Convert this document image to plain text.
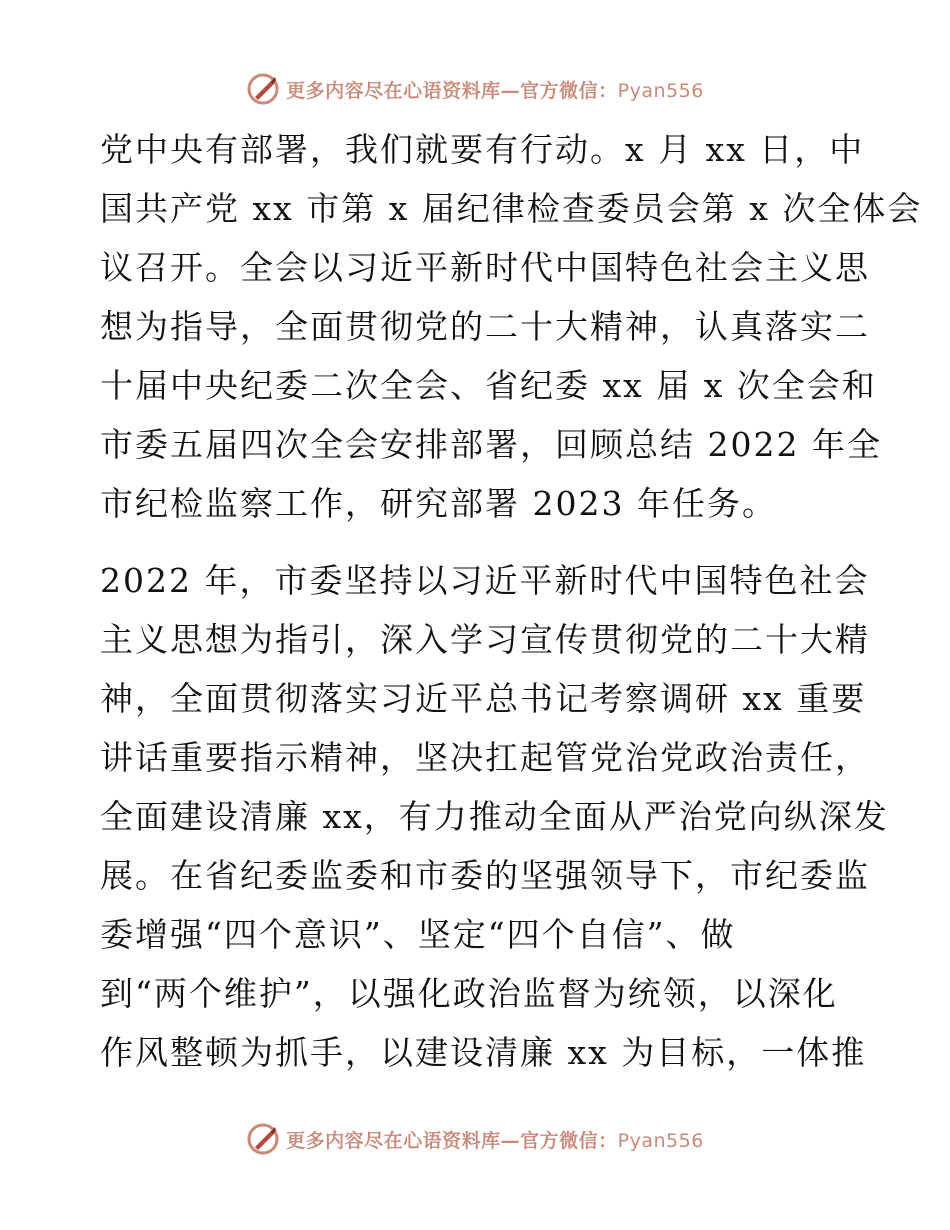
更多内容尽在心语资料库—官方微信：Pyan556

党中央有部署，我们就要有行动。x 月 xx 日，中
国共产党 xx 市第 x 届纪律检查委员会第 x 次全体会
议召开。全会以习近平新时代中国特色社会主义思
想为指导，全面贯彻党的二十大精神，认真落实二
十届中央纪委二次全会、省纪委 xx 届 x 次全会和
市委五届四次全会安排部署，回顾总结 2022 年全
市纪检监察工作，研究部署 2023 年任务。

2022 年，市委坚持以习近平新时代中国特色社会
主义思想为指引，深入学习宣传贯彻党的二十大精
神，全面贯彻落实习近平总书记考察调研 xx 重要
讲话重要指示精神，坚决扛起管党治党政治责任，
全面建设清廉 xx，有力推动全面从严治党向纵深发
展。在省纪委监委和市委的坚强领导下，市纪委监
委增强“四个意识”、坚定“四个自信”、做
到“两个维护”，以强化政治监督为统领，以深化
作风整顿为抓手，以建设清廉 xx 为目标，一体推

更多内容尽在心语资料库—官方微信：Pyan556
